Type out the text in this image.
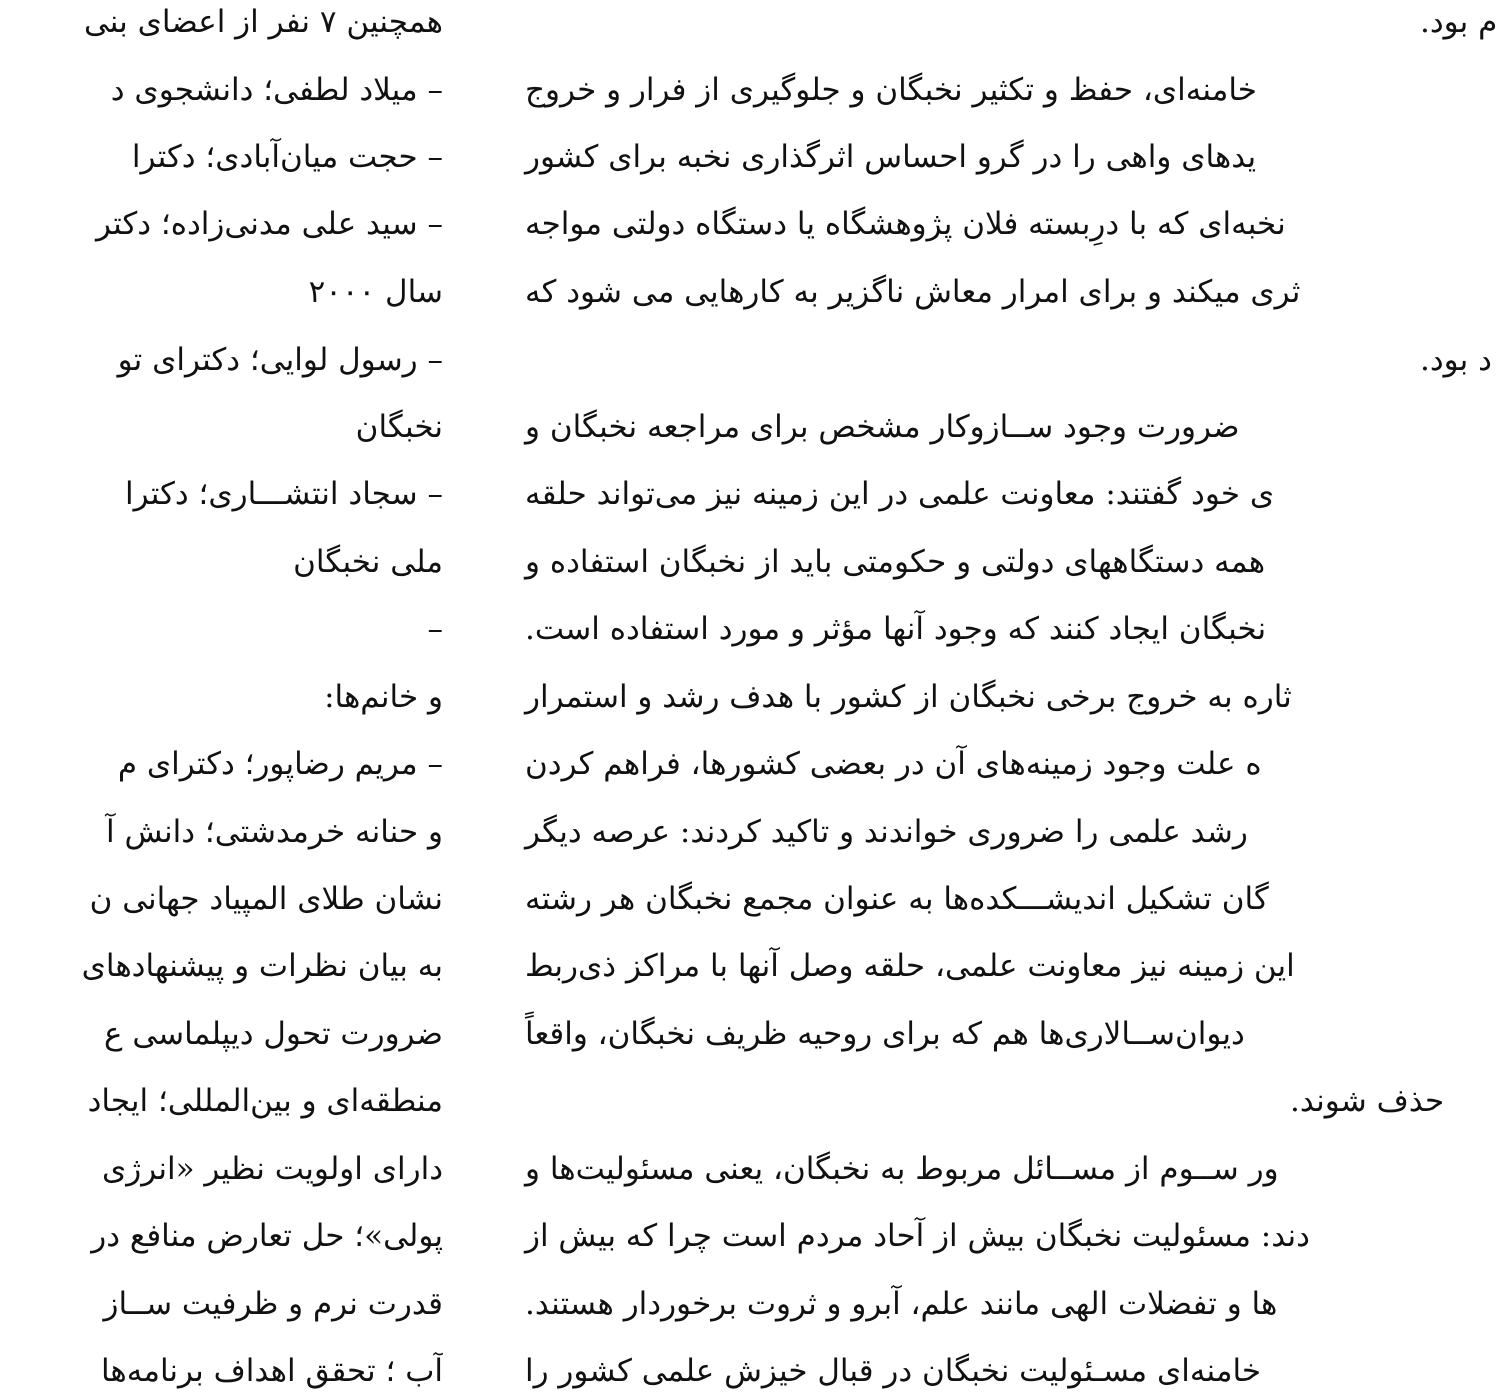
همچنین ۷ نفر از اعضای بنی
– میلاد لطفی؛ دانشجوی د
– حجت میان‌آبادی؛ دکترا
– سید علی مدنی‌زاده؛ دکتر
سال ۲۰۰۰
– رسول لوایی؛ دکترای تو
نخبگان
– سجاد انتشـــاری؛ دکترا
ملی نخبگان
–
و خانم‌ها:
– مریم رضاپور؛ دکترای م
و حنانه خرمدشتی؛ دانش آ
نشان طلای المپیاد جهانی ن
به بیان نظرات و پیشنهادهای
ضرورت تحول دیپلماسی ع
منطقه‌ای و بین‌المللی؛ ایجاد
دارای اولویت نظیر «انرژی
پولی»؛ حل تعارض منافع در
قدرت نرم و ظرفیت ســاز
آب ؛ تحقق اهداف برنامه‌ها
م بود.
خامنه‌ای، حفظ و تکثیر نخبگان و جلوگیری از فرار و خروج
یدهای واهی را در گرو احساس اثرگذاری نخبه برای کشور
نخبه‌ای که با درِبسته فلان پژوهشگاه یا دستگاه دولتی مواجه
ثری میکند و برای امرار معاش ناگزیر به کارهایی می شود که
د بود.
ضرورت وجود ســازوکار مشخص برای مراجعه نخبگان و
ی خود گفتند: معاونت علمی در این زمینه نیز می‌تواند حلقه
همه دستگاههای دولتی و حکومتی باید از نخبگان استفاده و
نخبگان ایجاد کنند که وجود آنها مؤثر و مورد استفاده است.
ثاره به خروج برخی نخبگان از کشور با هدف رشد و استمرار
ه علت وجود زمینه‌های آن در بعضی کشورها، فراهم کردن
رشد علمی را ضروری خواندند و تاکید کردند: عرصه دیگر
گان تشکیل اندیشـــکده‌ها به عنوان مجمع نخبگان هر رشته
این زمینه نیز معاونت علمی، حلقه وصل آنها با مراکز ذی‌ربط
دیوان‌ســالاری‌ها هم که برای روحیه ظریف نخبگان، واقعاً
حذف شوند.
ور ســوم از مســائل مربوط به نخبگان، یعنی مسئولیت‌ها و
دند: مسئولیت نخبگان بیش از آحاد مردم است چرا که بیش از
ها و تفضلات الهی مانند علم، آبرو و ثروت برخوردار هستند.
خامنه‌ای مسـئولیت نخبگان در قبال خیزش علمی کشور را
